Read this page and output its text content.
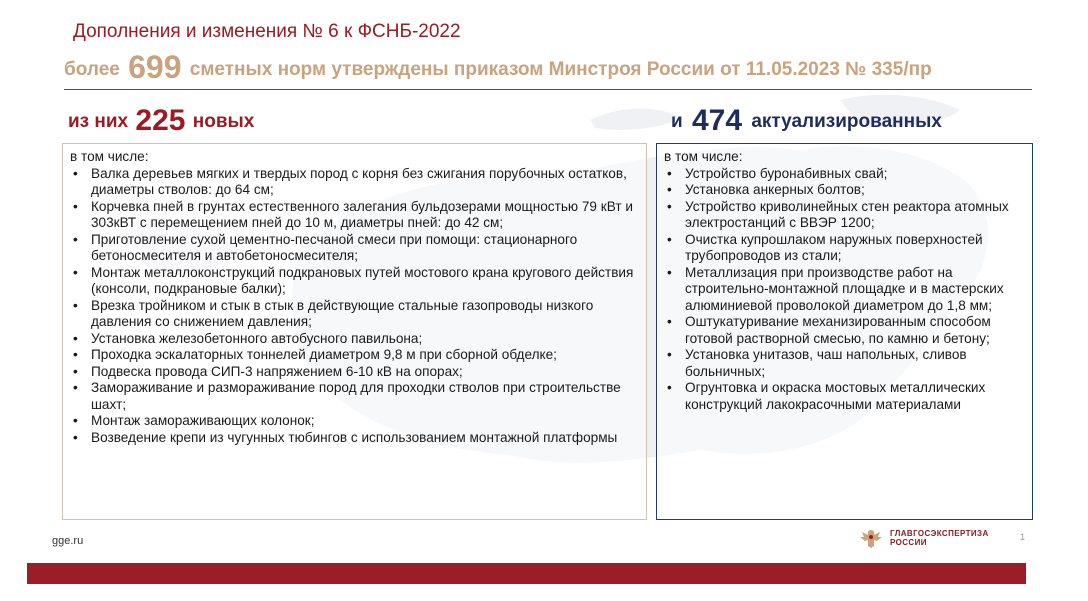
Дополнения и изменения № 6 к ФСНБ-2022
более 699 сметных норм утверждены приказом Минстроя России от 11.05.2023 № 335/пр
из них 225 новых	и 474 актуализированных
в том числе:
• Валка деревьев мягких и твердых пород с корня без сжигания порубочных остатков, диаметры стволов: до 64 см;
• Корчевка пней в грунтах естественного залегания бульдозерами мощностью 79 кВт и 303кВТ с перемещением пней до 10 м, диаметры пней: до 42 см;
• Приготовление сухой цементно-песчаной смеси при помощи: стационарного бетоносмесителя и автобетоносмесителя;
• Монтаж металлоконструкций подкрановых путей мостового крана кругового действия (консоли, подкрановые балки);
• Врезка тройником и стык в стык в действующие стальные газопроводы низкого давления со снижением давления;
• Установка железобетонного автобусного павильона;
• Проходка эскалаторных тоннелей диаметром 9,8 м при сборной обделке;
• Подвеска провода СИП-3 напряжением 6-10 кВ на опорах;
• Замораживание и размораживание пород для проходки стволов при строительстве шахт;
• Монтаж замораживающих колонок;
• Возведение крепи из чугунных тюбингов с использованием монтажной платформы
в том числе:
• Устройство буронабивных свай;
• Установка анкерных болтов;
• Устройство криволинейных стен реактора атомных электростанций с ВВЭР 1200;
• Очистка купрошлаком наружных поверхностей трубопроводов из стали;
• Металлизация при производстве работ на строительно-монтажной площадке и в мастерских алюминиевой проволокой диаметром до 1,8 мм;
• Оштукатуривание механизированным способом готовой растворной смесью, по камню и бетону;
• Установка унитазов, чаш напольных, сливов больничных;
• Огрунтовка и окраска мостовых металлических конструкций лакокрасочными материалами
gge.ru
ГЛАВГОСЭКСПЕРТИЗА
РОССИИ
1
